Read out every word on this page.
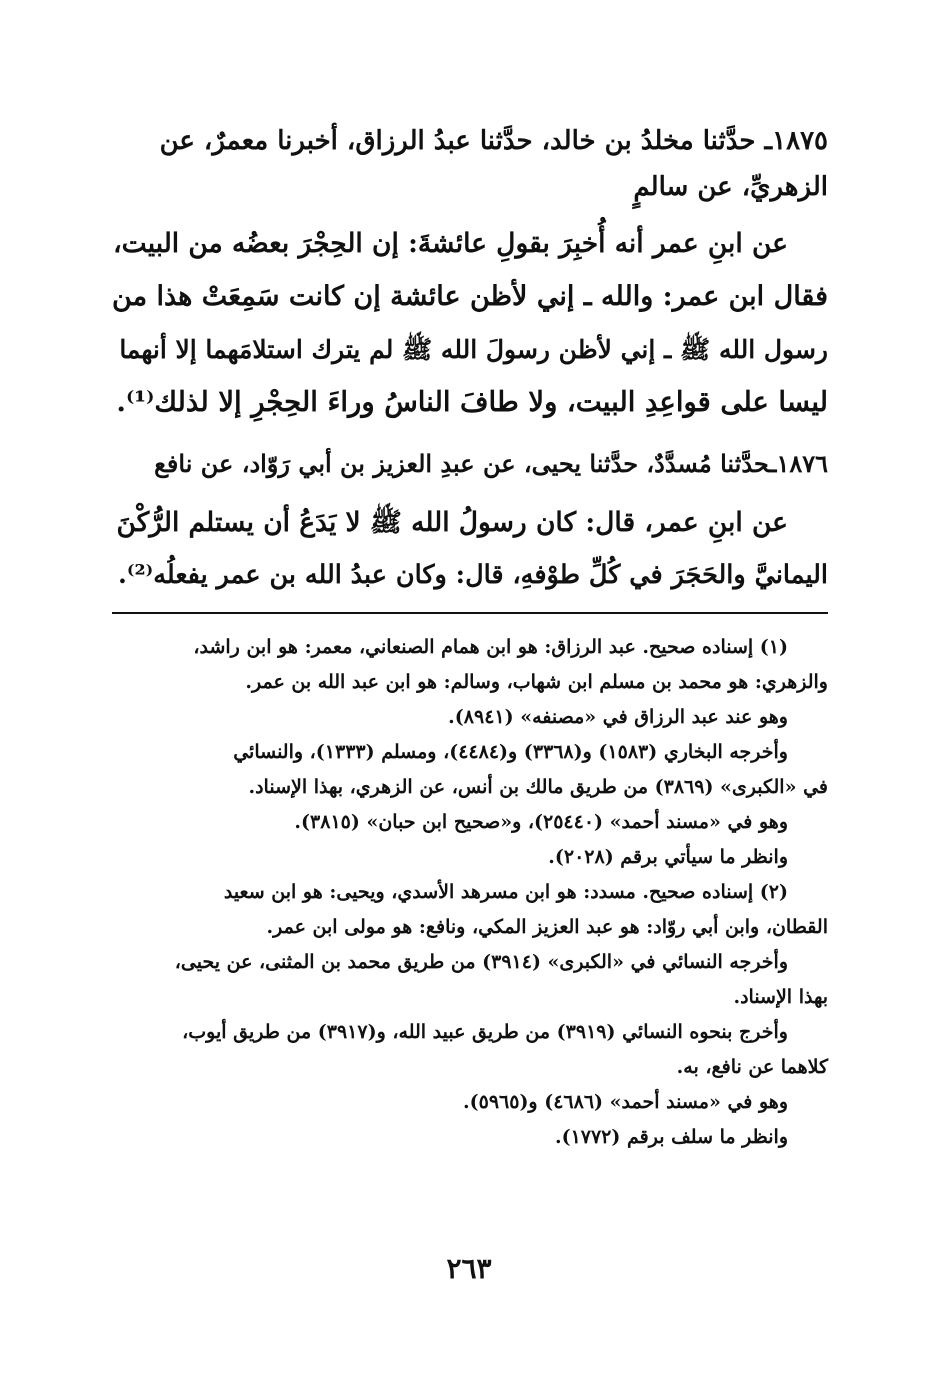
١٨٧٥ـ حدَّثنا مخلدُ بن خالد، حدَّثنا عبدُ الرزاق، أخبرنا معمرٌ، عن
الزهريِّ، عن سالمٍ
عن ابنِ عمر أنه أُخبِرَ بقولِ عائشةَ: إن الحِجْرَ بعضُه من البيت،
فقال ابن عمر: والله ـ إني لأظن عائشة إن كانت سَمِعَتْ هذا من
رسول الله ﷺ ـ إني لأظن رسولَ الله ﷺ لم يترك استلامَهما إلا أنهما
ليسا على قواعِدِ البيت، ولا طافَ الناسُ وراءَ الحِجْرِ إلا لذلك⁽¹⁾.
١٨٧٦ـحدَّثنا مُسدَّدٌ، حدَّثنا يحيى، عن عبدِ العزيز بن أبي رَوّاد، عن نافع
عن ابنِ عمر، قال: كان رسولُ الله ﷺ لا يَدَعُ أن يستلم الرُّكْنَ
اليمانيَّ والحَجَرَ في كُلِّ طوْفهِ، قال: وكان عبدُ الله بن عمر يفعلُه⁽²⁾.
(١) إسناده صحيح. عبد الرزاق: هو ابن همام الصنعاني، معمر: هو ابن راشد،
والزهري: هو محمد بن مسلم ابن شهاب، وسالم: هو ابن عبد الله بن عمر.
وهو عند عبد الرزاق في «مصنفه» (٨٩٤١).
وأخرجه البخاري (١٥٨٣) و(٣٣٦٨) و(٤٤٨٤)، ومسلم (١٣٣٣)، والنسائي
في «الكبرى» (٣٨٦٩) من طريق مالك بن أنس، عن الزهري، بهذا الإسناد.
وهو في «مسند أحمد» (٢٥٤٤٠)، و«صحيح ابن حبان» (٣٨١٥).
وانظر ما سيأتي برقم (٢٠٢٨).
(٢) إسناده صحيح. مسدد: هو ابن مسرهد الأسدي، ويحيى: هو ابن سعيد
القطان، وابن أبي روّاد: هو عبد العزيز المكي، ونافع: هو مولى ابن عمر.
وأخرجه النسائي في «الكبرى» (٣٩١٤) من طريق محمد بن المثنى، عن يحيى،
بهذا الإسناد.
وأخرج بنحوه النسائي (٣٩١٩) من طريق عبيد الله، و(٣٩١٧) من طريق أيوب،
كلاهما عن نافع، به.
وهو في «مسند أحمد» (٤٦٨٦) و(٥٩٦٥).
وانظر ما سلف برقم (١٧٧٢).
٢٦٣
